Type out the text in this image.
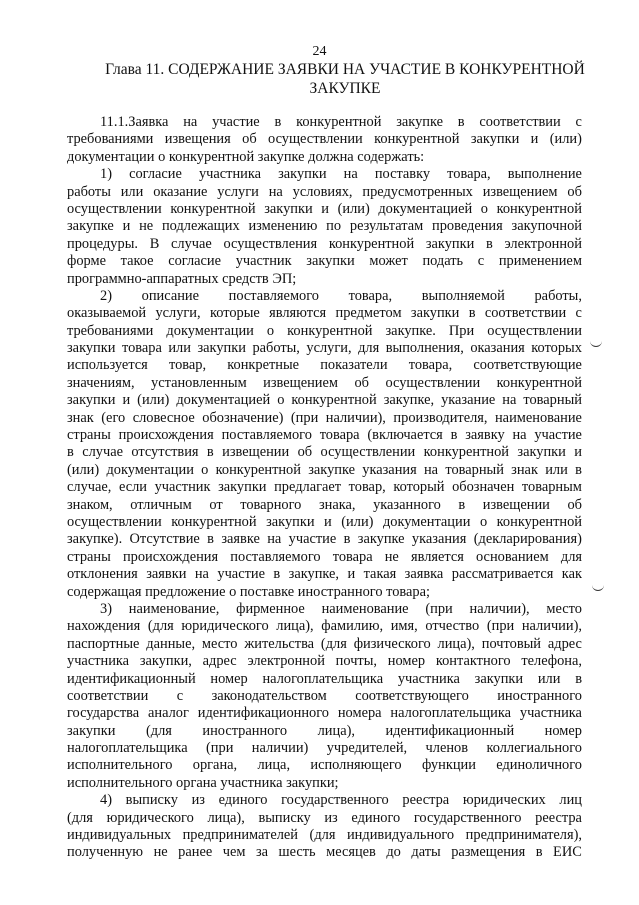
24
Глава 11. СОДЕРЖАНИЕ ЗАЯВКИ НА УЧАСТИЕ В КОНКУРЕНТНОЙ
ЗАКУПКЕ
11.1.Заявка на участие в конкурентной закупке в соответствии с
требованиями извещения об осуществлении конкурентной закупки и (или)
документации о конкурентной закупке должна содержать:
1) согласие участника закупки на поставку товара, выполнение
работы или оказание услуги на условиях, предусмотренных извещением об
осуществлении конкурентной закупки и (или) документацией о конкурентной
закупке и не подлежащих изменению по результатам проведения закупочной
процедуры. В случае осуществления конкурентной закупки в электронной
форме такое согласие участник закупки может подать с применением
программно-аппаратных средств ЭП;
2) описание поставляемого товара, выполняемой работы,
оказываемой услуги, которые являются предметом закупки в соответствии с
требованиями документации о конкурентной закупке. При осуществлении
закупки товара или закупки работы, услуги, для выполнения, оказания которых
используется товар, конкретные показатели товара, соответствующие
значениям, установленным извещением об осуществлении конкурентной
закупки и (или) документацией о конкурентной закупке, указание на товарный
знак (его словесное обозначение) (при наличии), производителя, наименование
страны происхождения поставляемого товара (включается в заявку на участие
в случае отсутствия в извещении об осуществлении конкурентной закупки и
(или) документации о конкурентной закупке указания на товарный знак или в
случае, если участник закупки предлагает товар, который обозначен товарным
знаком, отличным от товарного знака, указанного в извещении об
осуществлении конкурентной закупки и (или) документации о конкурентной
закупке). Отсутствие в заявке на участие в закупке указания (декларирования)
страны происхождения поставляемого товара не является основанием для
отклонения заявки на участие в закупке, и такая заявка рассматривается как
содержащая предложение о поставке иностранного товара;
3) наименование, фирменное наименование (при наличии), место
нахождения (для юридического лица), фамилию, имя, отчество (при наличии),
паспортные данные, место жительства (для физического лица), почтовый адрес
участника закупки, адрес электронной почты, номер контактного телефона,
идентификационный номер налогоплательщика участника закупки или в
соответствии с законодательством соответствующего иностранного
государства аналог идентификационного номера налогоплательщика участника
закупки (для иностранного лица), идентификационный номер
налогоплательщика (при наличии) учредителей, членов коллегиального
исполнительного органа, лица, исполняющего функции единоличного
исполнительного органа участника закупки;
4) выписку из единого государственного реестра юридических лиц
(для юридического лица), выписку из единого государственного реестра
индивидуальных предпринимателей (для индивидуального предпринимателя),
полученную не ранее чем за шесть месяцев до даты размещения в ЕИС
